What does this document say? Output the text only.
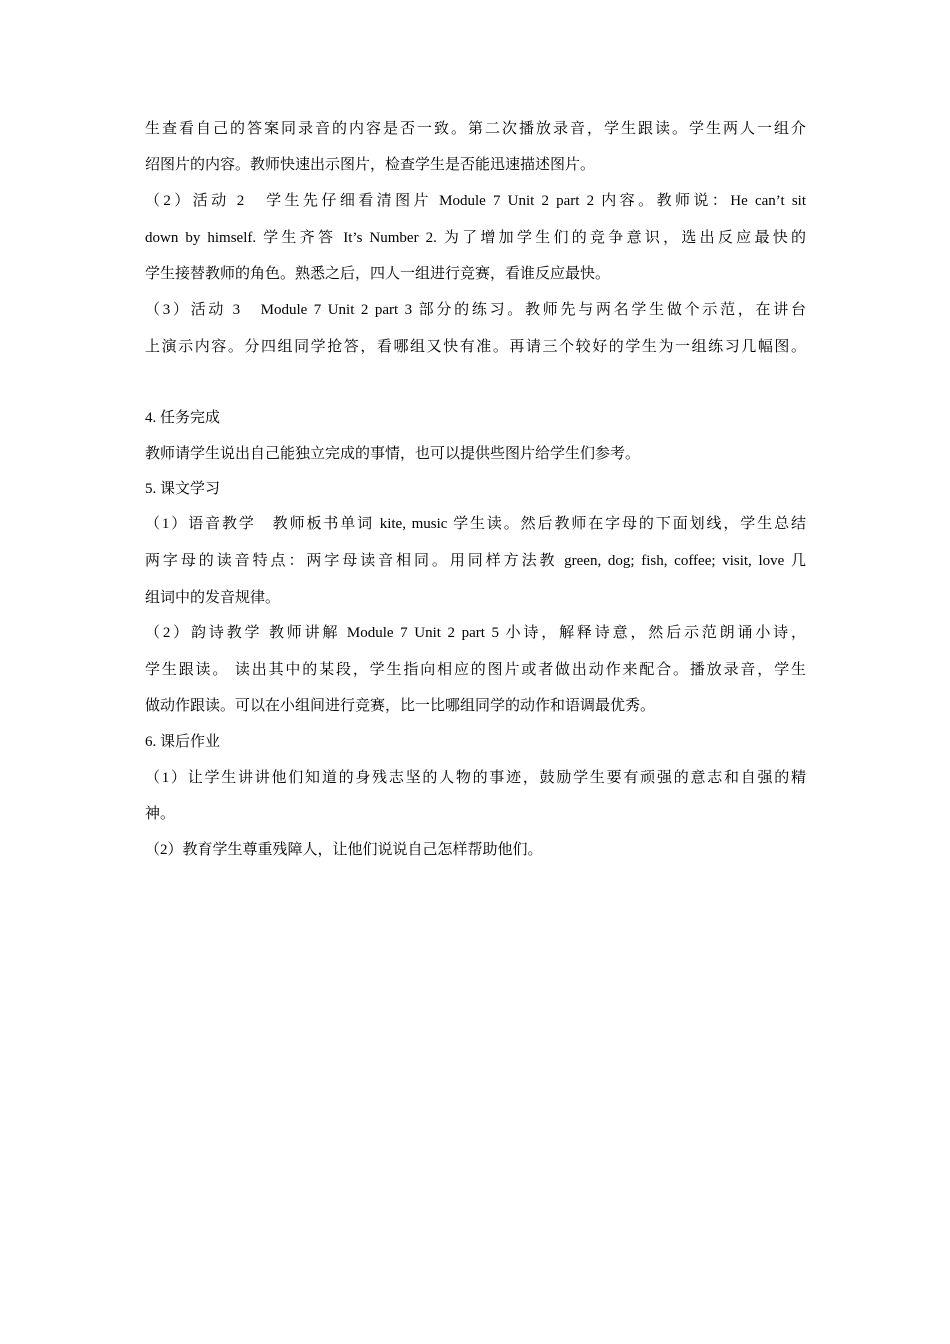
生查看自己的答案同录音的内容是否一致。第二次播放录音，学生跟读。学生两人一组介
绍图片的内容。教师快速出示图片，检查学生是否能迅速描述图片。
（2）活动 2　学生先仔细看清图片 Module 7 Unit 2 part 2 内容。教师说：He can’t sit
down by himself. 学生齐答 It’s Number 2. 为了增加学生们的竞争意识，选出反应最快的
学生接替教师的角色。熟悉之后，四人一组进行竞赛，看谁反应最快。
（3）活动 3　Module 7 Unit 2 part 3 部分的练习。教师先与两名学生做个示范，在讲台
上演示内容。分四组同学抢答，看哪组又快有准。再请三个较好的学生为一组练习几幅图。
4. 任务完成
教师请学生说出自己能独立完成的事情，也可以提供些图片给学生们参考。
5. 课文学习
（1）语音教学　教师板书单词 kite, music 学生读。然后教师在字母的下面划线，学生总结
两字母的读音特点：两字母读音相同。用同样方法教 green, dog; fish, coffee; visit, love 几
组词中的发音规律。
（2）韵诗教学 教师讲解 Module 7 Unit 2 part 5 小诗，解释诗意，然后示范朗诵小诗，
学生跟读。 读出其中的某段，学生指向相应的图片或者做出动作来配合。播放录音，学生
做动作跟读。可以在小组间进行竞赛，比一比哪组同学的动作和语调最优秀。
6. 课后作业
（1）让学生讲讲他们知道的身残志坚的人物的事迹，鼓励学生要有顽强的意志和自强的精
神。
（2）教育学生尊重残障人，让他们说说自己怎样帮助他们。
